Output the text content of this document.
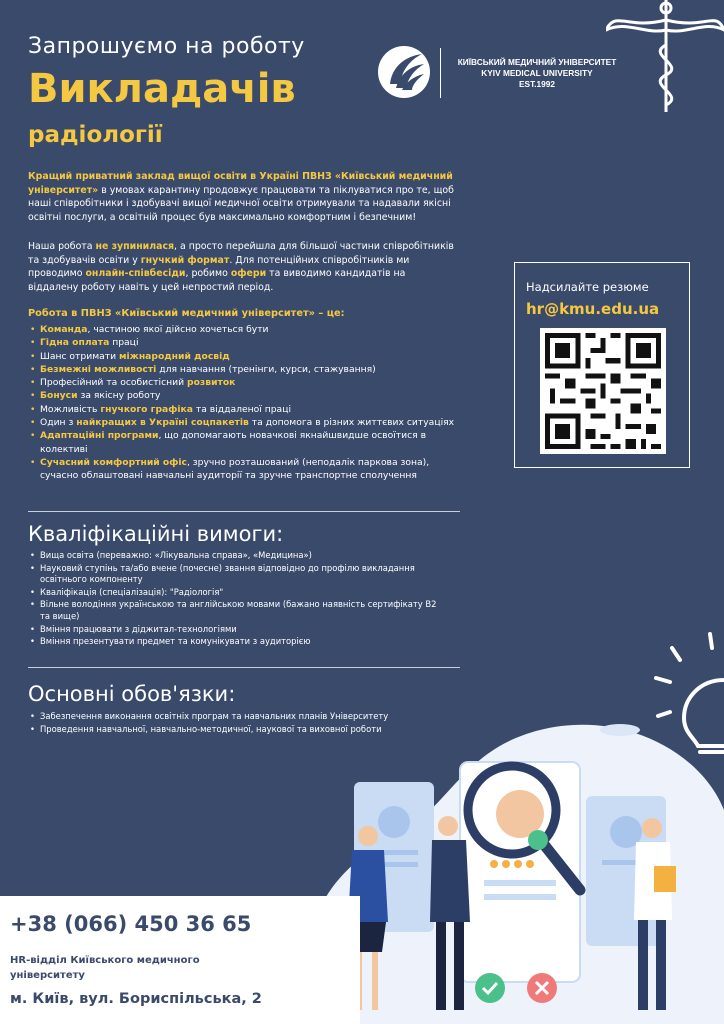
Запрошуємо на роботу
Викладачів
радіології
КИЇВСЬКИЙ МЕДИЧНИЙ УНІВЕРСИТЕТ
KYIV MEDICAL UNIVERSITY
EST.1992
Кращий приватний заклад вищої освіти в Україні ПВНЗ «Київський медичний університет» в умовах карантину продовжує працювати та піклуватися про те, щоб наші співробітники і здобувачі вищої медичної освіти отримували та надавали якісні освітні послуги, а освітній процес був максимально комфортним і безпечним!
Наша робота не зупинилася, а просто перейшла для більшої частини співробітників та здобувачів освіти у гнучкий формат. Для потенційних співробітників ми проводимо онлайн-співбесіди, робимо офери та виводимо кандидатів на віддалену роботу навіть у цей непростий період.
Робота в ПВНЗ «Київський медичний університет» – це:
• Команда, частиною якої дійсно хочеться бути
• Гідна оплата праці
• Шанс отримати міжнародний досвід
• Безмежні можливості для навчання (тренінги, курси, стажування)
• Професійний та особистісний розвиток
• Бонуси за якісну роботу
• Можливість гнучкого графіка та віддаленої праці
• Один з найкращих в Україні соцпакетів та допомога в різних життєвих ситуаціях
• Адаптаційні програми, що допомагають новачкові якнайшвидше освоїтися в колективі
• Сучасний комфортний офіс, зручно розташований (неподалік паркова зона), сучасно облаштовані навчальні аудиторії та зручне транспортне сполучення
Надсилайте резюме
hr@kmu.edu.ua
Кваліфікаційні вимоги:
• Вища освіта (переважно: «Лікувальна справа», «Медицина»)
• Науковий ступінь та/або вчене (почесне) звання відповідно до профілю викладання освітнього компоненту
• Кваліфікація (спеціалізація): "Радіологія"
• Вільне володіння українською та англійською мовами (бажано наявність сертифікату В2 та вище)
• Вміння працювати з діджитал-технологіями
• Вміння презентувати предмет та комунікувати з аудиторією
Основні обов'язки:
• Забезпечення виконання освітніх програм та навчальних планів Університету
• Проведення навчальної, навчально-методичної, наукової та виховної роботи
+38 (066) 450 36 65
HR-відділ Київського медичного університету
м. Київ, вул. Бориспільська, 2
